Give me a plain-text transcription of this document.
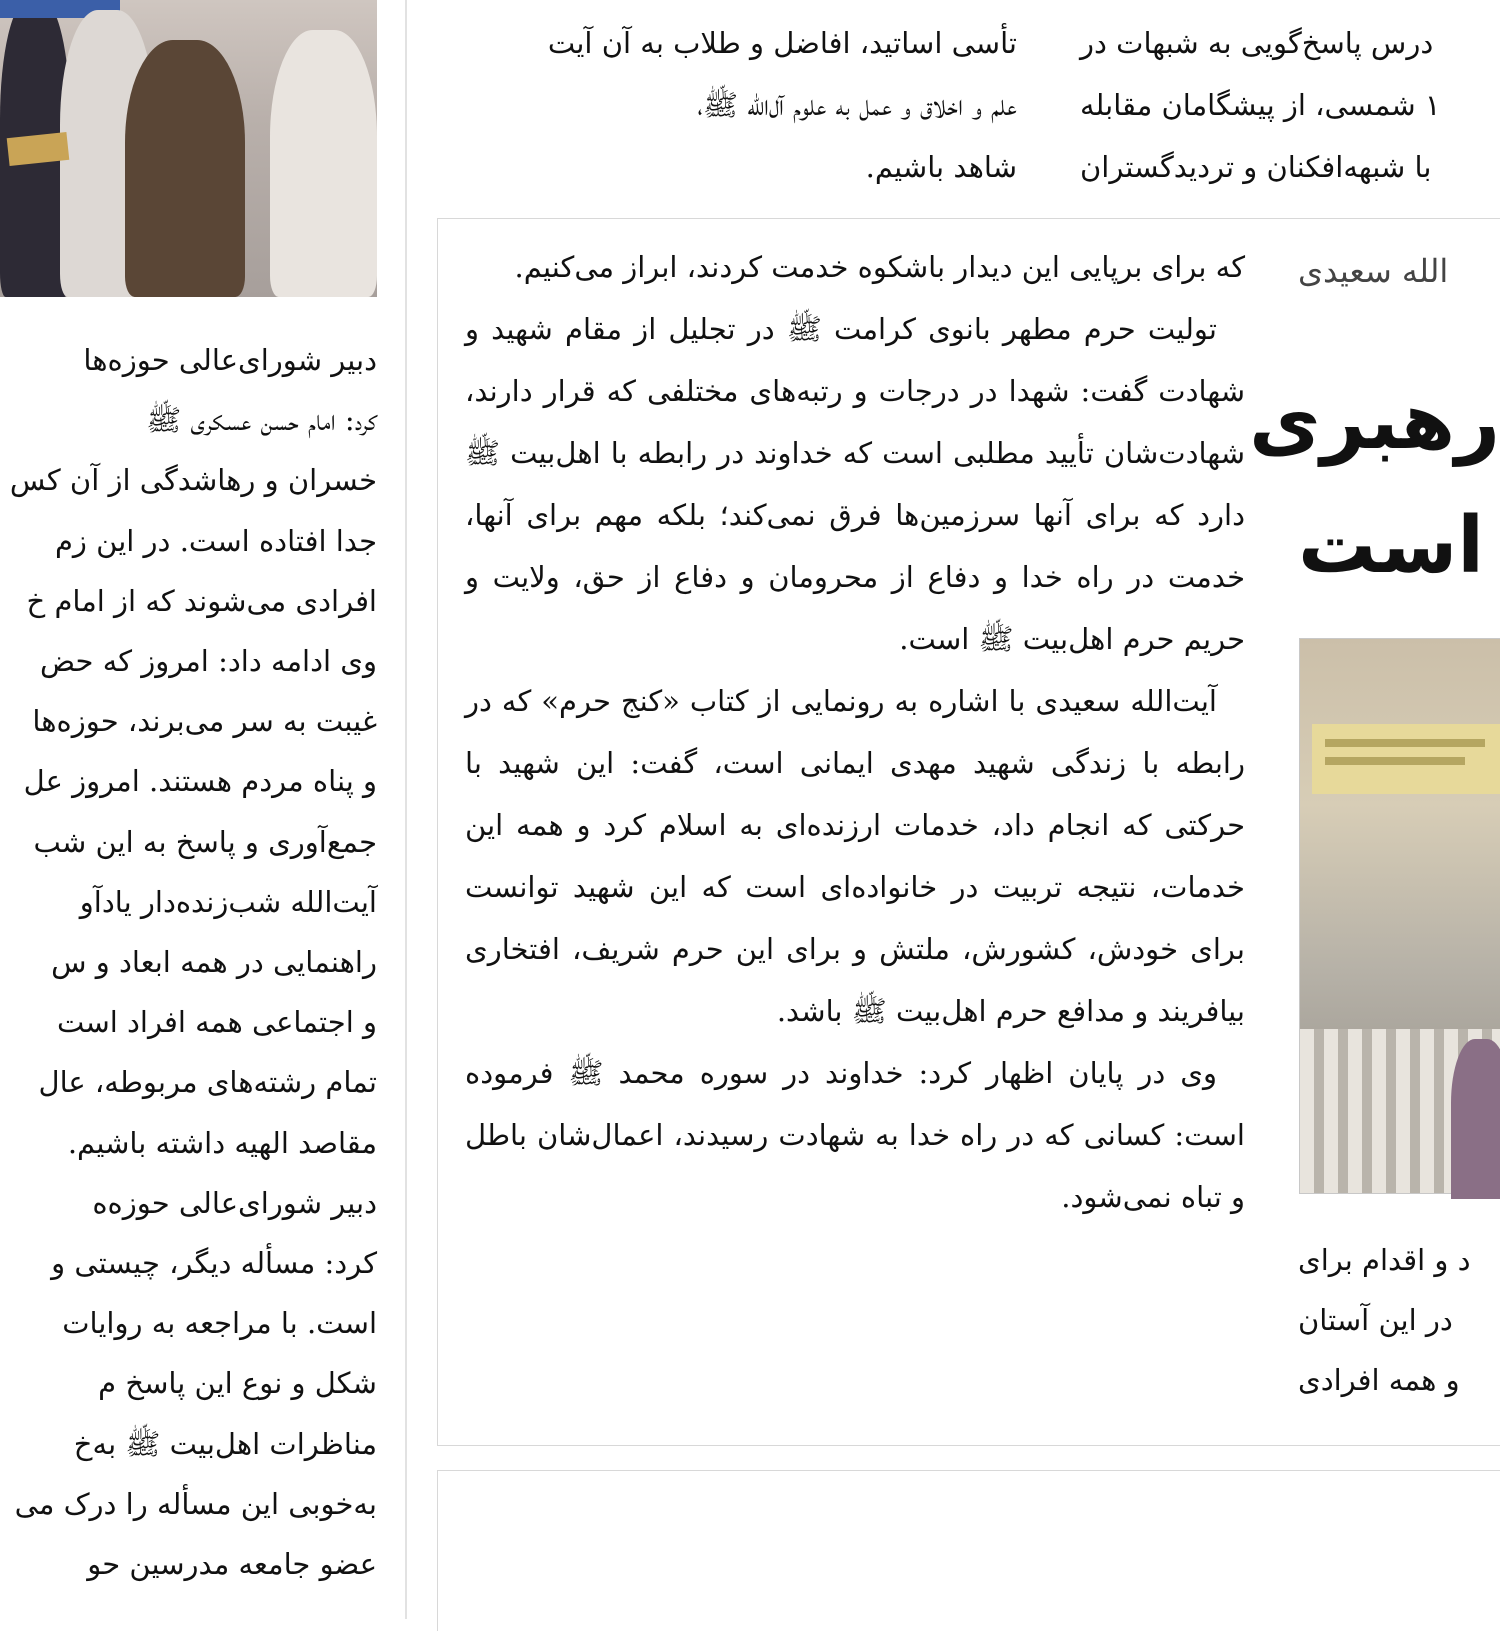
دبیر شورای‌عالی حوزه‌ها

کرد: امام حسن عسکری ﷺ

خسران و رهاشدگی از آن کس

جدا افتاده است. در این زم

افرادی می‌شوند که از امام خ

وی ادامه داد: امروز که حض

غیبت به سر می‌برند، حوزه‌ها

و پناه مردم هستند. امروز عل

جمع‌آوری و پاسخ به این شب

آیت‌الله شب‌زنده‌دار یادآو

راهنمایی در همه ابعاد و س

و اجتماعی همه افراد است

تمام رشته‌های مربوطه، عال

مقاصد الهیه داشته باشیم.

دبیر شورای‌عالی حوزه‌ه

کرد: مسأله دیگر، چیستی و

است. با مراجعه به روایات

شکل و نوع این پاسخ م

مناظرات اهل‌بیت ﷺ به‌خ

به‌خوبی این مسأله را درک می

عضو جامعه مدرسین حو

تأسی اساتید، افاضل و طلاب به آن آیت

علم و اخلاق و عمل به علوم آل‌الله ﷺ،

شاهد باشیم.

درس پاسخ‌گویی به شبهات در

۱ شمسی، از پیشگامان مقابله

با شبهه‌افکنان و تردیدگستران

که برای برپایی این دیدار باشکوه خدمت کردند، ابراز می‌کنیم.

تولیت حرم مطهر بانوی کرامت ﷺ در تجلیل از مقام شهید و شهادت گفت: شهدا در درجات و رتبه‌های مختلفی که قرار دارند، شهادت‌شان تأیید مطلبی است که خداوند در رابطه با اهل‌بیت ﷺ دارد که برای آنها سرزمین‌ها فرق نمی‌کند؛ بلکه مهم برای آنها، خدمت در راه خدا و دفاع از محرومان و دفاع از حق، ولایت و حریم حرم اهل‌بیت ﷺ است.

آیت‌الله سعیدی با اشاره به رونمایی از کتاب «کنج حرم» که در رابطه با زندگی شهید مهدی ایمانی است، گفت: این شهید با حرکتی که انجام داد، خدمات ارزنده‌ای به اسلام کرد و همه این خدمات، نتیجه تربیت در خانواده‌ای است که این شهید توانست برای خودش، کشورش، ملتش و برای این حرم شریف، افتخاری بیافریند و مدافع حرم اهل‌بیت ﷺ باشد.

وی در پایان اظهار کرد: خداوند در سوره محمد ﷺ فرموده است: کسانی که در راه خدا به شهادت رسیدند، اعمال‌شان باطل و تباه نمی‌شود.

الله سعیدی
رهبری
است

د و اقدام برای

در این آستان

و همه افرادی
